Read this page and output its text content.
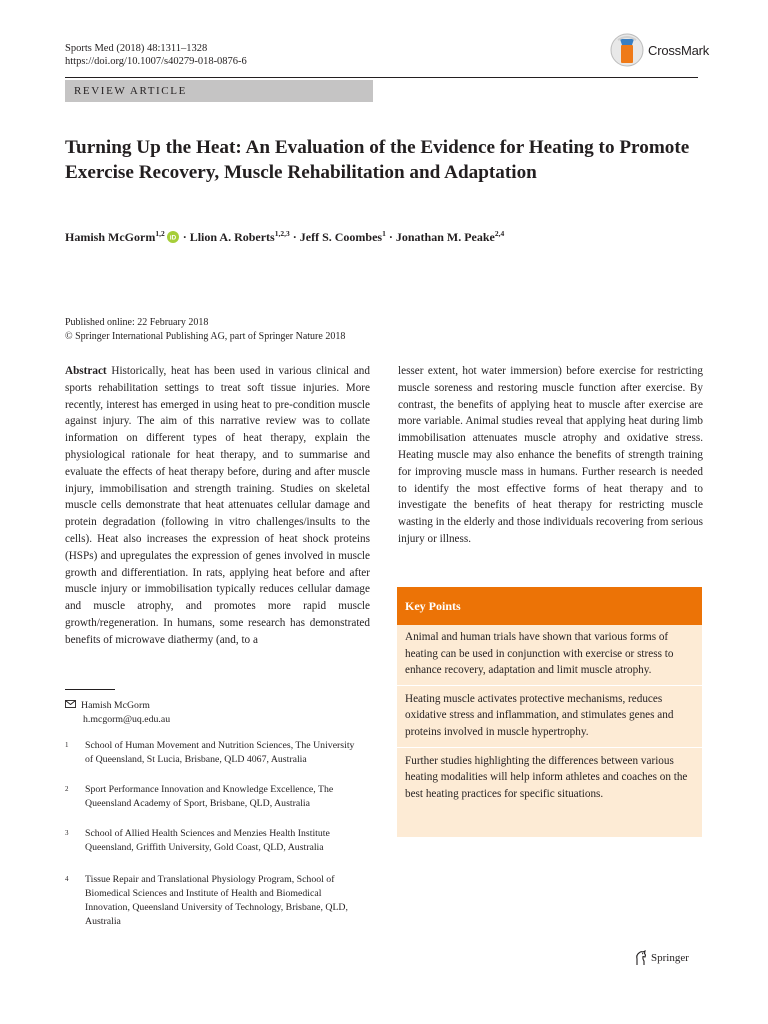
Sports Med (2018) 48:1311–1328
https://doi.org/10.1007/s40279-018-0876-6
CrossMark
REVIEW ARTICLE
Turning Up the Heat: An Evaluation of the Evidence for Heating to Promote Exercise Recovery, Muscle Rehabilitation and Adaptation
Hamish McGorm$^{1,2}$
iD · Llion A. Roberts$^{1,2,3}$ · Jeff S. Coombes$^1$ · Jonathan M. Peake$^{2,4}$
Published online: 22 February 2018
© Springer International Publishing AG, part of Springer Nature 2018
Abstract Historically, heat has been used in various clinical and sports rehabilitation settings to treat soft tissue injuries. More recently, interest has emerged in using heat to pre-condition muscle against injury. The aim of this narrative review was to collate information on different types of heat therapy, explain the physiological rationale for heat therapy, and to summarise and evaluate the effects of heat therapy before, during and after muscle injury, immobilisation and strength training. Studies on skeletal muscle cells demonstrate that heat attenuates cellular damage and protein degradation (following in vitro challenges/insults to the cells). Heat also increases the expression of heat shock proteins (HSPs) and upregulates the expression of genes involved in muscle growth and differentiation. In rats, applying heat before and after muscle injury or immobilisation typically reduces cellular damage and muscle atrophy, and promotes more rapid muscle growth/regeneration. In humans, some research has demonstrated benefits of microwave diathermy (and, to a
lesser extent, hot water immersion) before exercise for restricting muscle soreness and restoring muscle function after exercise. By contrast, the benefits of applying heat to muscle after exercise are more variable. Animal studies reveal that applying heat during limb immobilisation attenuates muscle atrophy and oxidative stress. Heating muscle may also enhance the benefits of strength training for improving muscle mass in humans. Further research is needed to identify the most effective forms of heat therapy and to investigate the benefits of heat therapy for restricting muscle wasting in the elderly and those individuals recovering from serious injury or illness.
Key Points
Animal and human trials have shown that various forms of heating can be used in conjunction with exercise or stress to enhance recovery, adaptation and limit muscle atrophy.
Heating muscle activates protective mechanisms, reduces oxidative stress and inflammation, and stimulates genes and proteins involved in muscle hypertrophy.
Further studies highlighting the differences between various heating modalities will help inform athletes and coaches on the best heating practices for specific situations.
Hamish McGorm
h.mcgorm@uq.edu.au
1	School of Human Movement and Nutrition Sciences, The University of Queensland, St Lucia, Brisbane, QLD 4067, Australia
2	Sport Performance Innovation and Knowledge Excellence, The Queensland Academy of Sport, Brisbane, QLD, Australia
3	School of Allied Health Sciences and Menzies Health Institute Queensland, Griffith University, Gold Coast, QLD, Australia
4	Tissue Repair and Translational Physiology Program, School of Biomedical Sciences and Institute of Health and Biomedical Innovation, Queensland University of Technology, Brisbane, QLD, Australia
Springer
